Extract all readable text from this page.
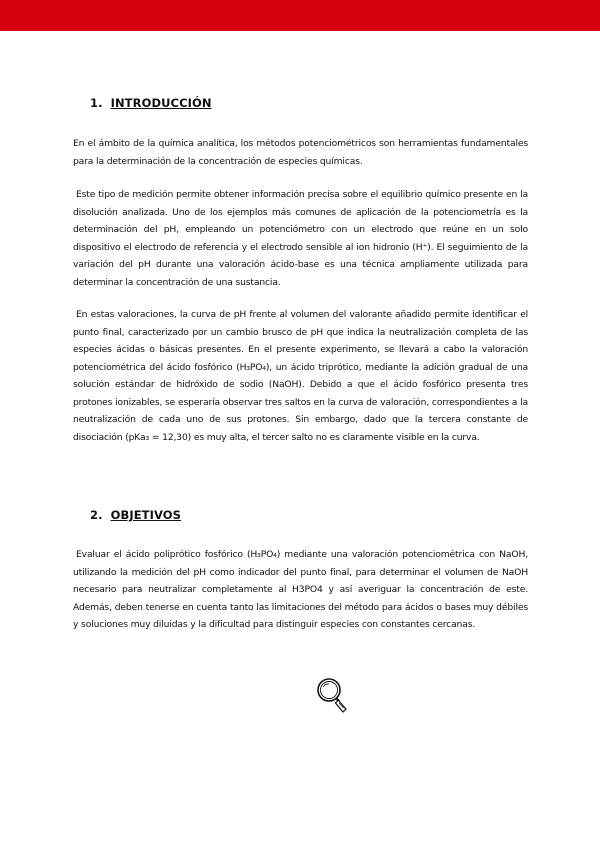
1. INTRODUCCIÓN

En el ámbito de la química analítica, los métodos potenciométricos son herramientas fundamentales para la determinación de la concentración de especies químicas.

Este tipo de medición permite obtener información precisa sobre el equilibrio químico presente en la disolución analizada. Uno de los ejemplos más comunes de aplicación de la potenciometría es la determinación del pH, empleando un potenciómetro con un electrodo que reúne en un solo dispositivo el electrodo de referencia y el electrodo sensible al ion hidronio (H⁺). El seguimiento de la variación del pH durante una valoración ácido-base es una técnica ampliamente utilizada para determinar la concentración de una sustancia.

En estas valoraciones, la curva de pH frente al volumen del valorante añadido permite identificar el punto final, caracterizado por un cambio brusco de pH que indica la neutralización completa de las especies ácidas o básicas presentes. En el presente experimento, se llevará a cabo la valoración potenciométrica del ácido fosfórico (H₃PO₄), un ácido triprótico, mediante la adición gradual de una solución estándar de hidróxido de sodio (NaOH). Debido a que el ácido fosfórico presenta tres protones ionizables, se esperaría observar tres saltos en la curva de valoración, correspondientes a la neutralización de cada uno de sus protones. Sin embargo, dado que la tercera constante de disociación (pKa₃ = 12,30) es muy alta, el tercer salto no es claramente visible en la curva.

2. OBJETIVOS

Evaluar el ácido poliprótico fosfórico (H₃PO₄) mediante una valoración potenciométrica con NaOH, utilizando la medición del pH como indicador del punto final, para determinar el volumen de NaOH necesario para neutralizar completamente al H3PO4 y así averiguar la concentración de este. Además, deben tenerse en cuenta tanto las limitaciones del método para ácidos o bases muy débiles y soluciones muy diluidas y la dificultad para distinguir especies con constantes cercanas.
